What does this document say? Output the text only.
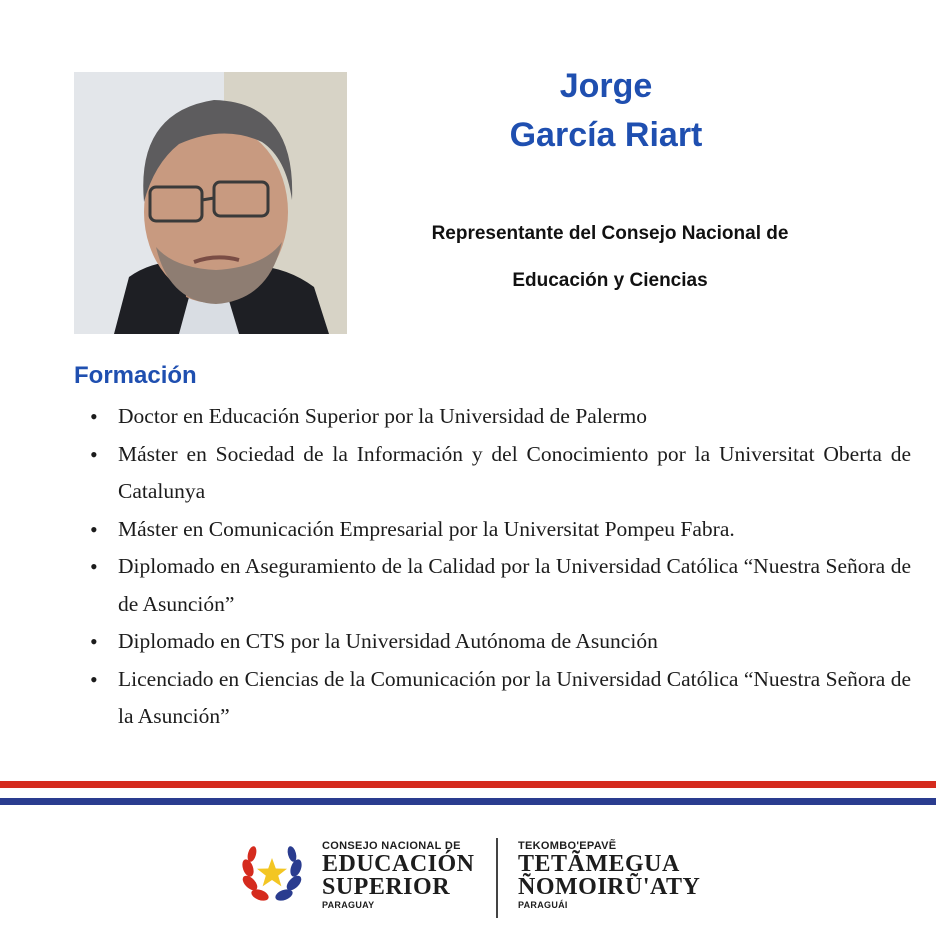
Jorge
García Riart
Representante del Consejo Nacional de
Educación y Ciencias
Formación
• Doctor en Educación Superior por la Universidad de Palermo
• Máster en Sociedad de la Información y del Conocimiento por la Universitat Oberta de Catalunya
• Máster en Comunicación Empresarial por la Universitat Pompeu Fabra.
• Diplomado en Aseguramiento de la Calidad por la Universidad Católica “Nuestra Señora de de Asunción”
• Diplomado en CTS por la Universidad Autónoma de Asunción
• Licenciado en Ciencias de la Comunicación por la Universidad Católica “Nuestra Señora de la Asunción”
CONSEJO NACIONAL DE
EDUCACIÓN
SUPERIOR
PARAGUAY
TEKOMBO'EPAVẼ
TETÃMEGUA
ÑOMOIRŨ'ATY
PARAGUÁI
